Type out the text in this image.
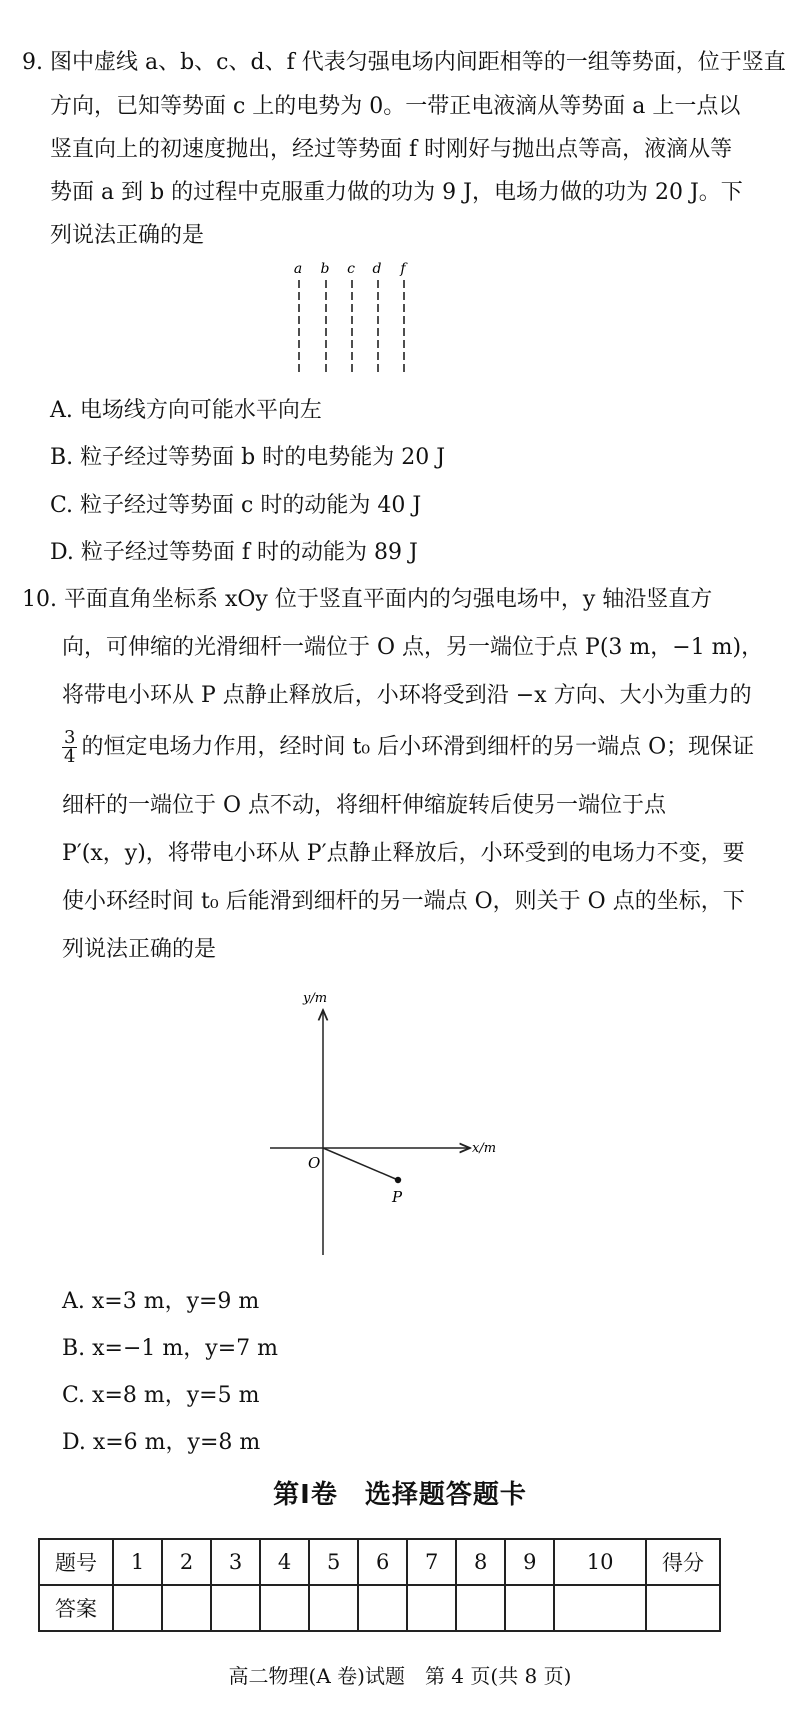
9. 图中虚线 a、b、c、d、f 代表匀强电场内间距相等的一组等势面，位于竖直
方向，已知等势面 c 上的电势为 0。一带正电液滴从等势面 a 上一点以
竖直向上的初速度抛出，经过等势面 f 时刚好与抛出点等高，液滴从等
势面 a 到 b 的过程中克服重力做的功为 9 J，电场力做的功为 20 J。下
列说法正确的是
a b c d f
A. 电场线方向可能水平向左
B. 粒子经过等势面 b 时的电势能为 20 J
C. 粒子经过等势面 c 时的动能为 40 J
D. 粒子经过等势面 f 时的动能为 89 J
10. 平面直角坐标系 xOy 位于竖直平面内的匀强电场中，y 轴沿竖直方
向，可伸缩的光滑细杆一端位于 O 点，另一端位于点 P(3 m，−1 m)，
将带电小环从 P 点静止释放后，小环将受到沿 −x 方向、大小为重力的
$\frac{3}{4}$ 的恒定电场力作用，经时间 t₀ 后小环滑到细杆的另一端点 O；现保证
细杆的一端位于 O 点不动，将细杆伸缩旋转后使另一端位于点
P′(x，y)，将带电小环从 P′点静止释放后，小环受到的电场力不变，要
使小环经时间 t₀ 后能滑到细杆的另一端点 O，则关于 O 点的坐标，下
列说法正确的是
y/m
x/m
O
P
A. x=3 m，y=9 m
B. x=−1 m，y=7 m
C. x=8 m，y=5 m
D. x=6 m，y=8 m
第Ⅰ卷　选择题答题卡
题号	1	2	3	4	5	6	7	8	9	10	得分
答案											
高二物理(A 卷)试题　第 4 页(共 8 页)
